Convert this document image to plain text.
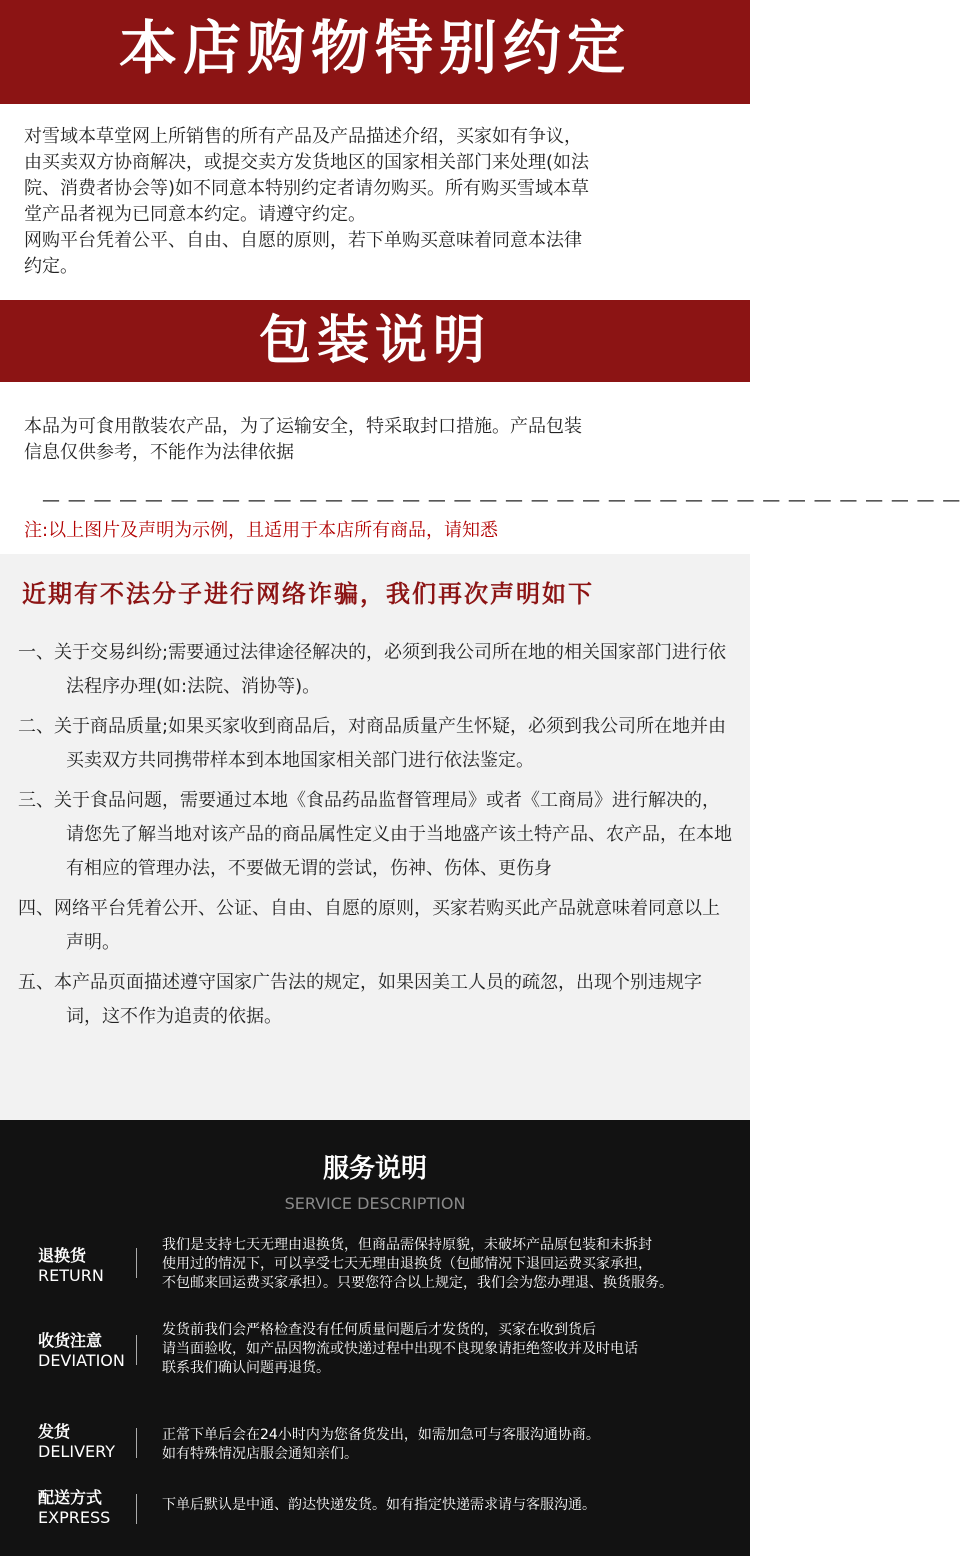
本店购物特别约定
对雪域本草堂网上所销售的所有产品及产品描述介绍，买家如有争议，
由买卖双方协商解决，或提交卖方发货地区的国家相关部门来处理(如法
院、消费者协会等)如不同意本特别约定者请勿购买。所有购买雪域本草
堂产品者视为已同意本约定。请遵守约定。
网购平台凭着公平、自由、自愿的原则，若下单购买意味着同意本法律
约定。
包装说明
本品为可食用散装农产品，为了运输安全，特采取封口措施。产品包装
信息仅供参考，不能作为法律依据
— — — — — — — — — — — — — — — — — — — — — — — — — — — — — — — — — — — —
注:以上图片及声明为示例，且适用于本店所有商品，请知悉
近期有不法分子进行网络诈骗，我们再次声明如下
一、关于交易纠纷;需要通过法律途径解决的，必须到我公司所在地的相关国家部门进行依法程序办理(如:法院、消协等)。
二、关于商品质量;如果买家收到商品后，对商品质量产生怀疑，必须到我公司所在地并由买卖双方共同携带样本到本地国家相关部门进行依法鉴定。
三、关于食品问题，需要通过本地《食品药品监督管理局》或者《工商局》进行解决的，请您先了解当地对该产品的商品属性定义由于当地盛产该土特产品、农产品，在本地有相应的管理办法，不要做无谓的尝试，伤神、伤体、更伤身
四、网络平台凭着公开、公证、自由、自愿的原则，买家若购买此产品就意味着同意以上声明。
五、本产品页面描述遵守国家广告法的规定，如果因美工人员的疏忽，出现个别违规字词，这不作为追责的依据。
服务说明
SERVICE DESCRIPTION
退换货
RETURN
我们是支持七天无理由退换货，但商品需保持原貌，未破坏产品原包装和未拆封
使用过的情况下，可以享受七天无理由退换货（包邮情况下退回运费买家承担，
不包邮来回运费买家承担）。只要您符合以上规定，我们会为您办理退、换货服务。
收货注意
DEVIATION
发货前我们会严格检查没有任何质量问题后才发货的，买家在收到货后
请当面验收，如产品因物流或快递过程中出现不良现象请拒绝签收并及时电话
联系我们确认问题再退货。
发货
DELIVERY
正常下单后会在24小时内为您备货发出，如需加急可与客服沟通协商。
如有特殊情况店服会通知亲们。
配送方式
EXPRESS
下单后默认是中通、韵达快递发货。如有指定快递需求请与客服沟通。
